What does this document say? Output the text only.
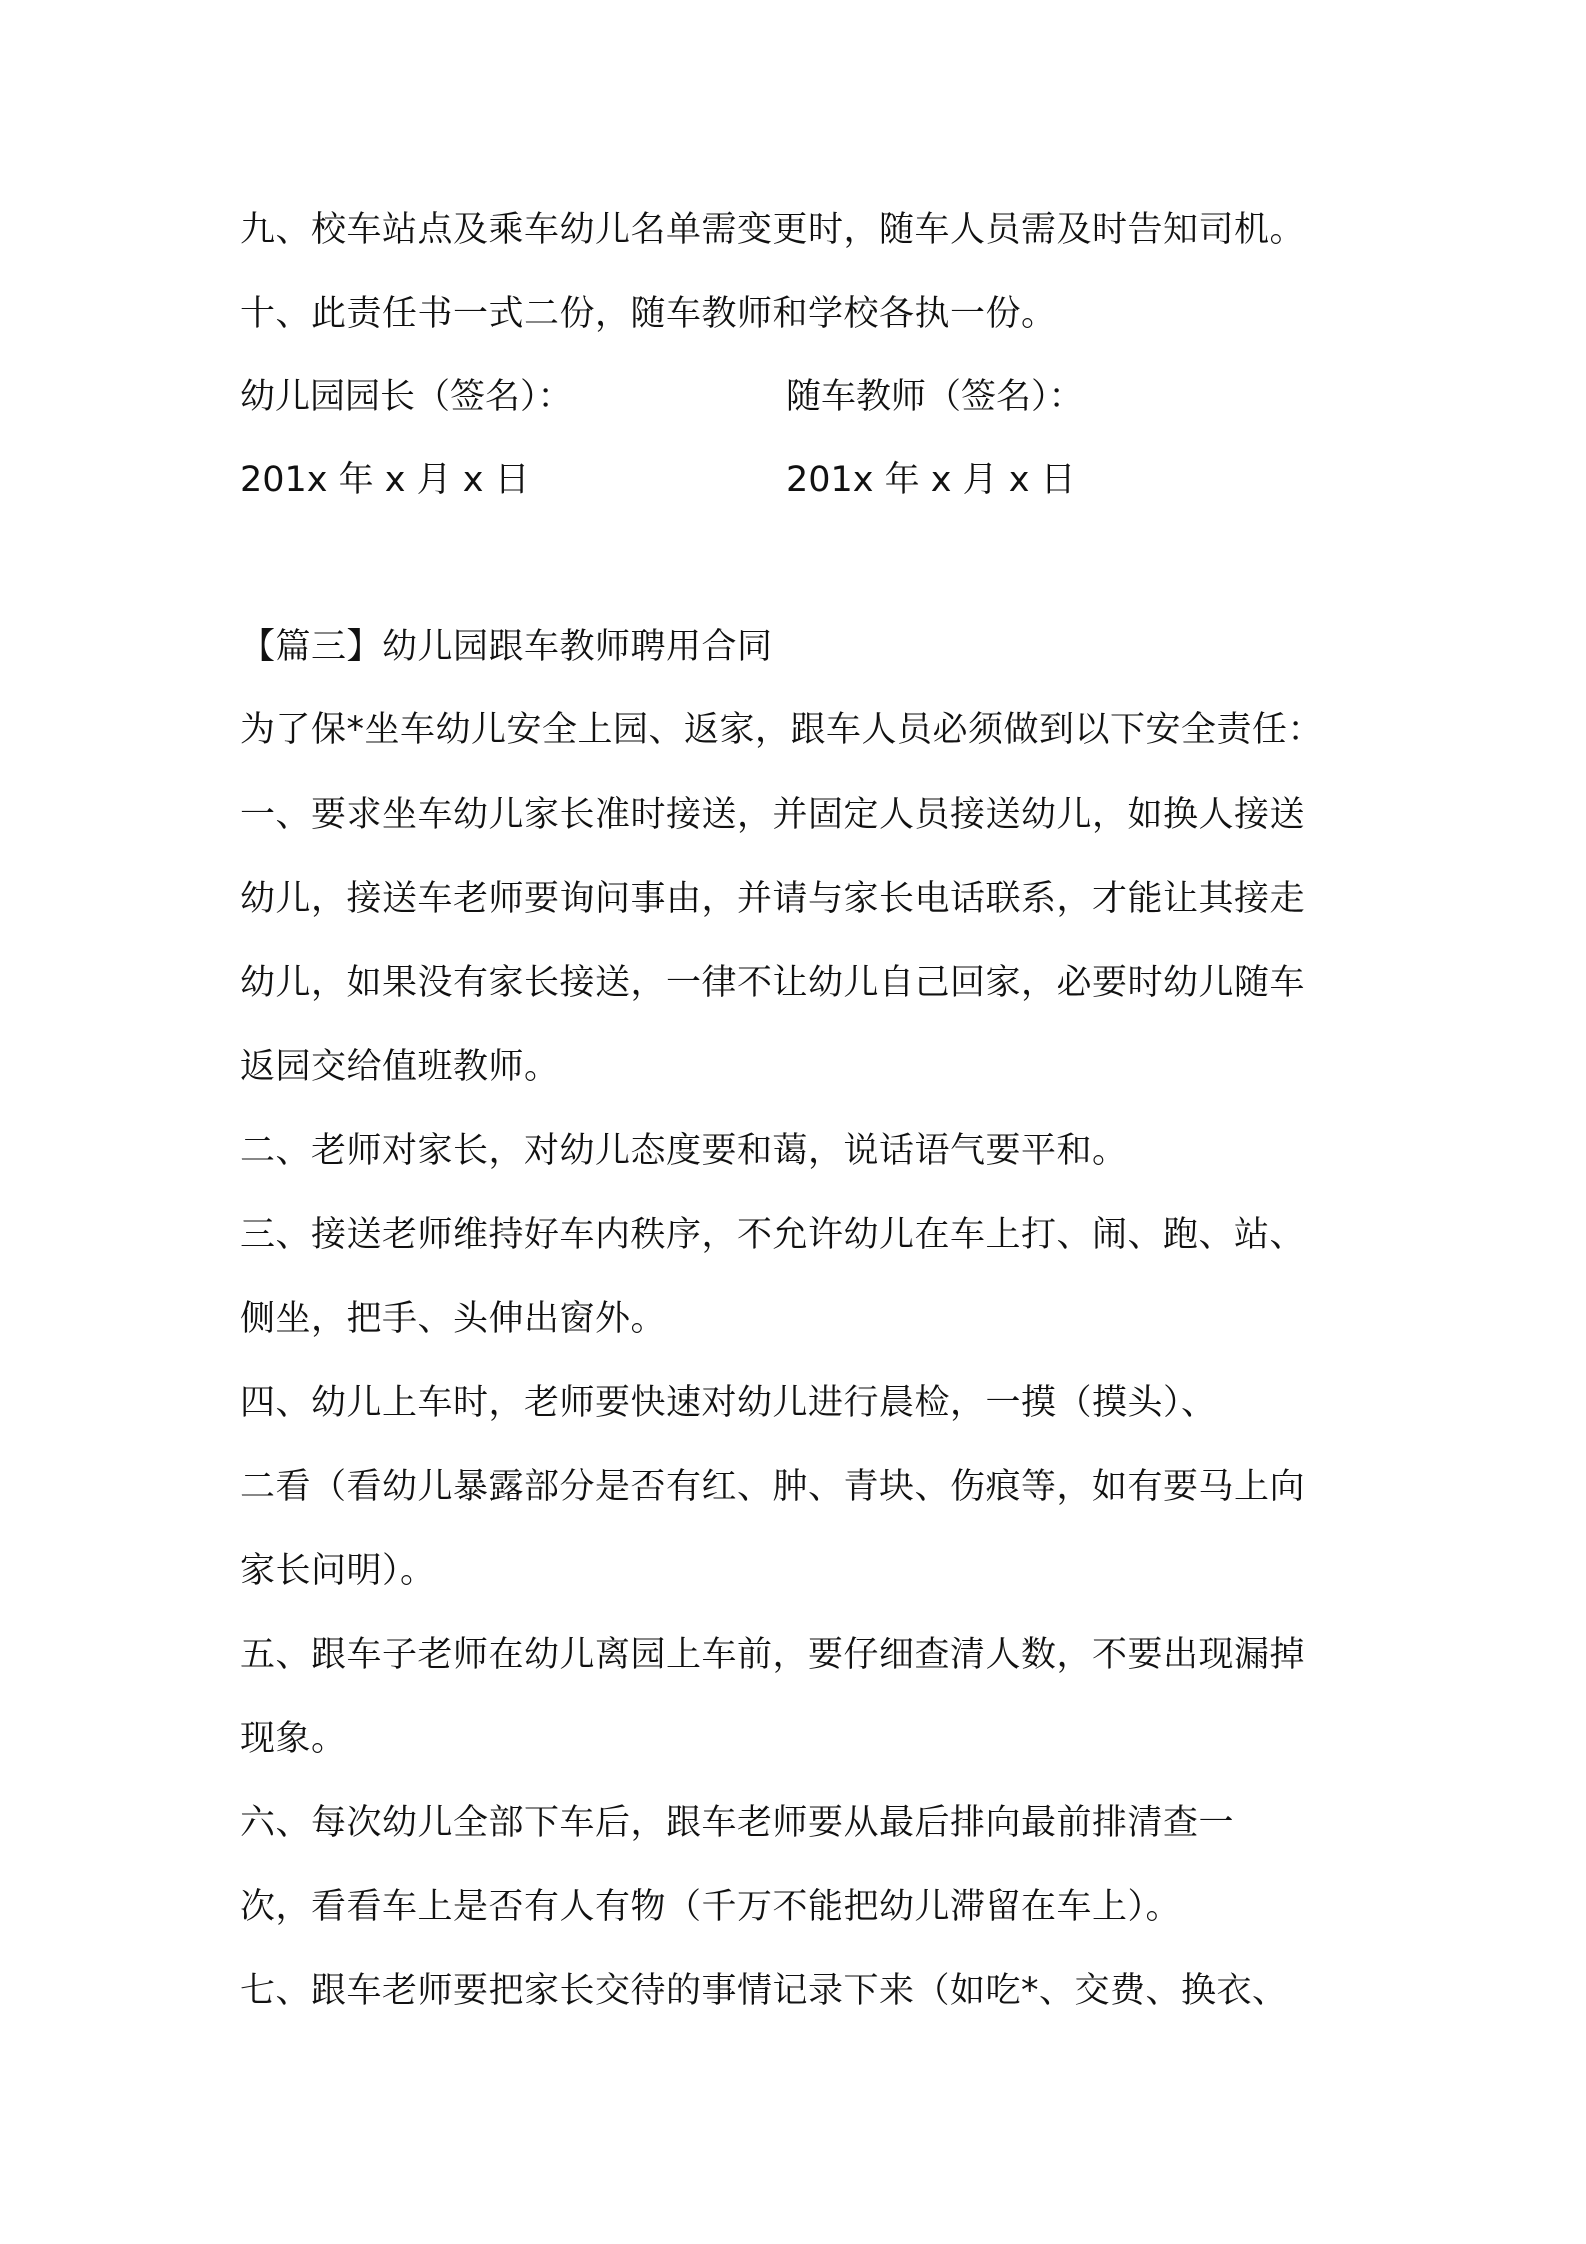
九、校车站点及乘车幼儿名单需变更时，随车人员需及时告知司机。
十、此责任书一式二份，随车教师和学校各执一份。
幼儿园园长（签名）：	随车教师（签名）：
201x 年 x 月 x 日	201x 年 x 月 x 日
【篇三】幼儿园跟车教师聘用合同
为了保*坐车幼儿安全上园、返家，跟车人员必须做到以下安全责任：
一、要求坐车幼儿家长准时接送，并固定人员接送幼儿，如换人接送
幼儿，接送车老师要询问事由，并请与家长电话联系，才能让其接走
幼儿，如果没有家长接送，一律不让幼儿自己回家，必要时幼儿随车
返园交给值班教师。
二、老师对家长，对幼儿态度要和蔼，说话语气要平和。
三、接送老师维持好车内秩序，不允许幼儿在车上打、闹、跑、站、
侧坐，把手、头伸出窗外。
四、幼儿上车时，老师要快速对幼儿进行晨检，一摸（摸头）、
二看（看幼儿暴露部分是否有红、肿、青块、伤痕等，如有要马上向
家长问明）。
五、跟车子老师在幼儿离园上车前，要仔细查清人数，不要出现漏掉
现象。
六、每次幼儿全部下车后，跟车老师要从最后排向最前排清查一
次，看看车上是否有人有物（千万不能把幼儿滞留在车上）。
七、跟车老师要把家长交待的事情记录下来（如吃*、交费、换衣、
